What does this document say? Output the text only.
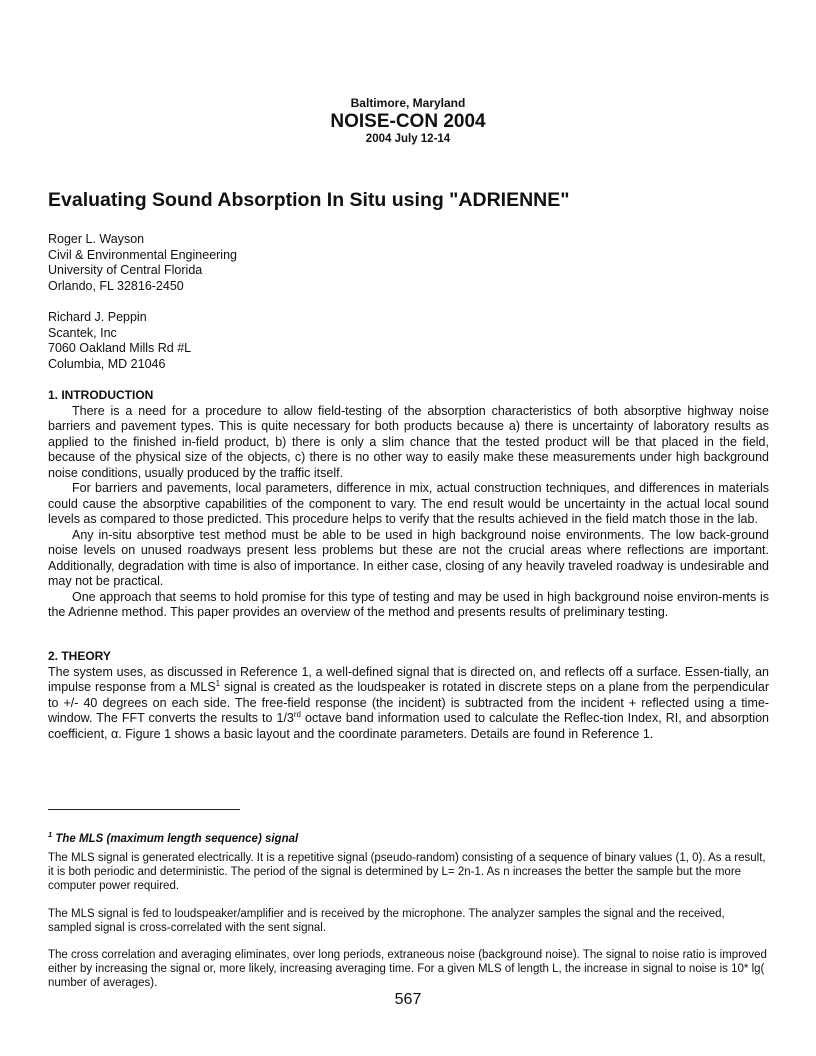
Baltimore, Maryland
NOISE-CON 2004
2004 July 12-14
Evaluating Sound Absorption In Situ using "ADRIENNE"
Roger L. Wayson
Civil & Environmental Engineering
University of Central Florida
Orlando, FL 32816-2450
Richard J. Peppin
Scantek, Inc
7060 Oakland Mills Rd #L
Columbia, MD 21046
1. INTRODUCTION
There is a need for a procedure to allow field-testing of the absorption characteristics of both absorptive highway noise barriers and pavement types. This is quite necessary for both products because a) there is uncertainty of laboratory results as applied to the finished in-field product, b) there is only a slim chance that the tested product will be that placed in the field, because of the physical size of the objects, c) there is no other way to easily make these measurements under high background noise conditions, usually produced by the traffic itself.
For barriers and pavements, local parameters, difference in mix, actual construction techniques, and differences in materials could cause the absorptive capabilities of the component to vary. The end result would be uncertainty in the actual local sound levels as compared to those predicted. This procedure helps to verify that the results achieved in the field match those in the lab.
Any in-situ absorptive test method must be able to be used in high background noise environments. The low back-ground noise levels on unused roadways present less problems but these are not the crucial areas where reflections are important. Additionally, degradation with time is also of importance. In either case, closing of any heavily traveled roadway is undesirable and may not be practical.
One approach that seems to hold promise for this type of testing and may be used in high background noise environ-ments is the Adrienne method. This paper provides an overview of the method and presents results of preliminary testing.
2. THEORY
The system uses, as discussed in Reference 1, a well-defined signal that is directed on, and reflects off a surface. Essen-tially, an impulse response from a MLS$^1$ signal is created as the loudspeaker is rotated in discrete steps on a plane from the perpendicular to +/- 40 degrees on each side. The free-field response (the incident) is subtracted from the incident + reflected using a time-window. The FFT converts the results to 1/3rd octave band information used to calculate the Reflec-tion Index, RI, and absorption coefficient, α. Figure 1 shows a basic layout and the coordinate parameters. Details are found in Reference 1.
$^1$ The MLS (maximum length sequence) signal
The MLS signal is generated electrically. It is a repetitive signal (pseudo-random) consisting of a sequence of binary values (1, 0). As a result, it is both periodic and deterministic. The period of the signal is determined by L= 2n-1. As n increases the better the sample but the more computer power required.
The MLS signal is fed to loudspeaker/amplifier and is received by the microphone. The analyzer samples the signal and the received, sampled signal is cross-correlated with the sent signal.
The cross correlation and averaging eliminates, over long periods, extraneous noise (background noise). The signal to noise ratio is improved either by increasing the signal or, more likely, increasing averaging time. For a given MLS of length L, the increase in signal to noise is 10* lg( number of averages).
567
